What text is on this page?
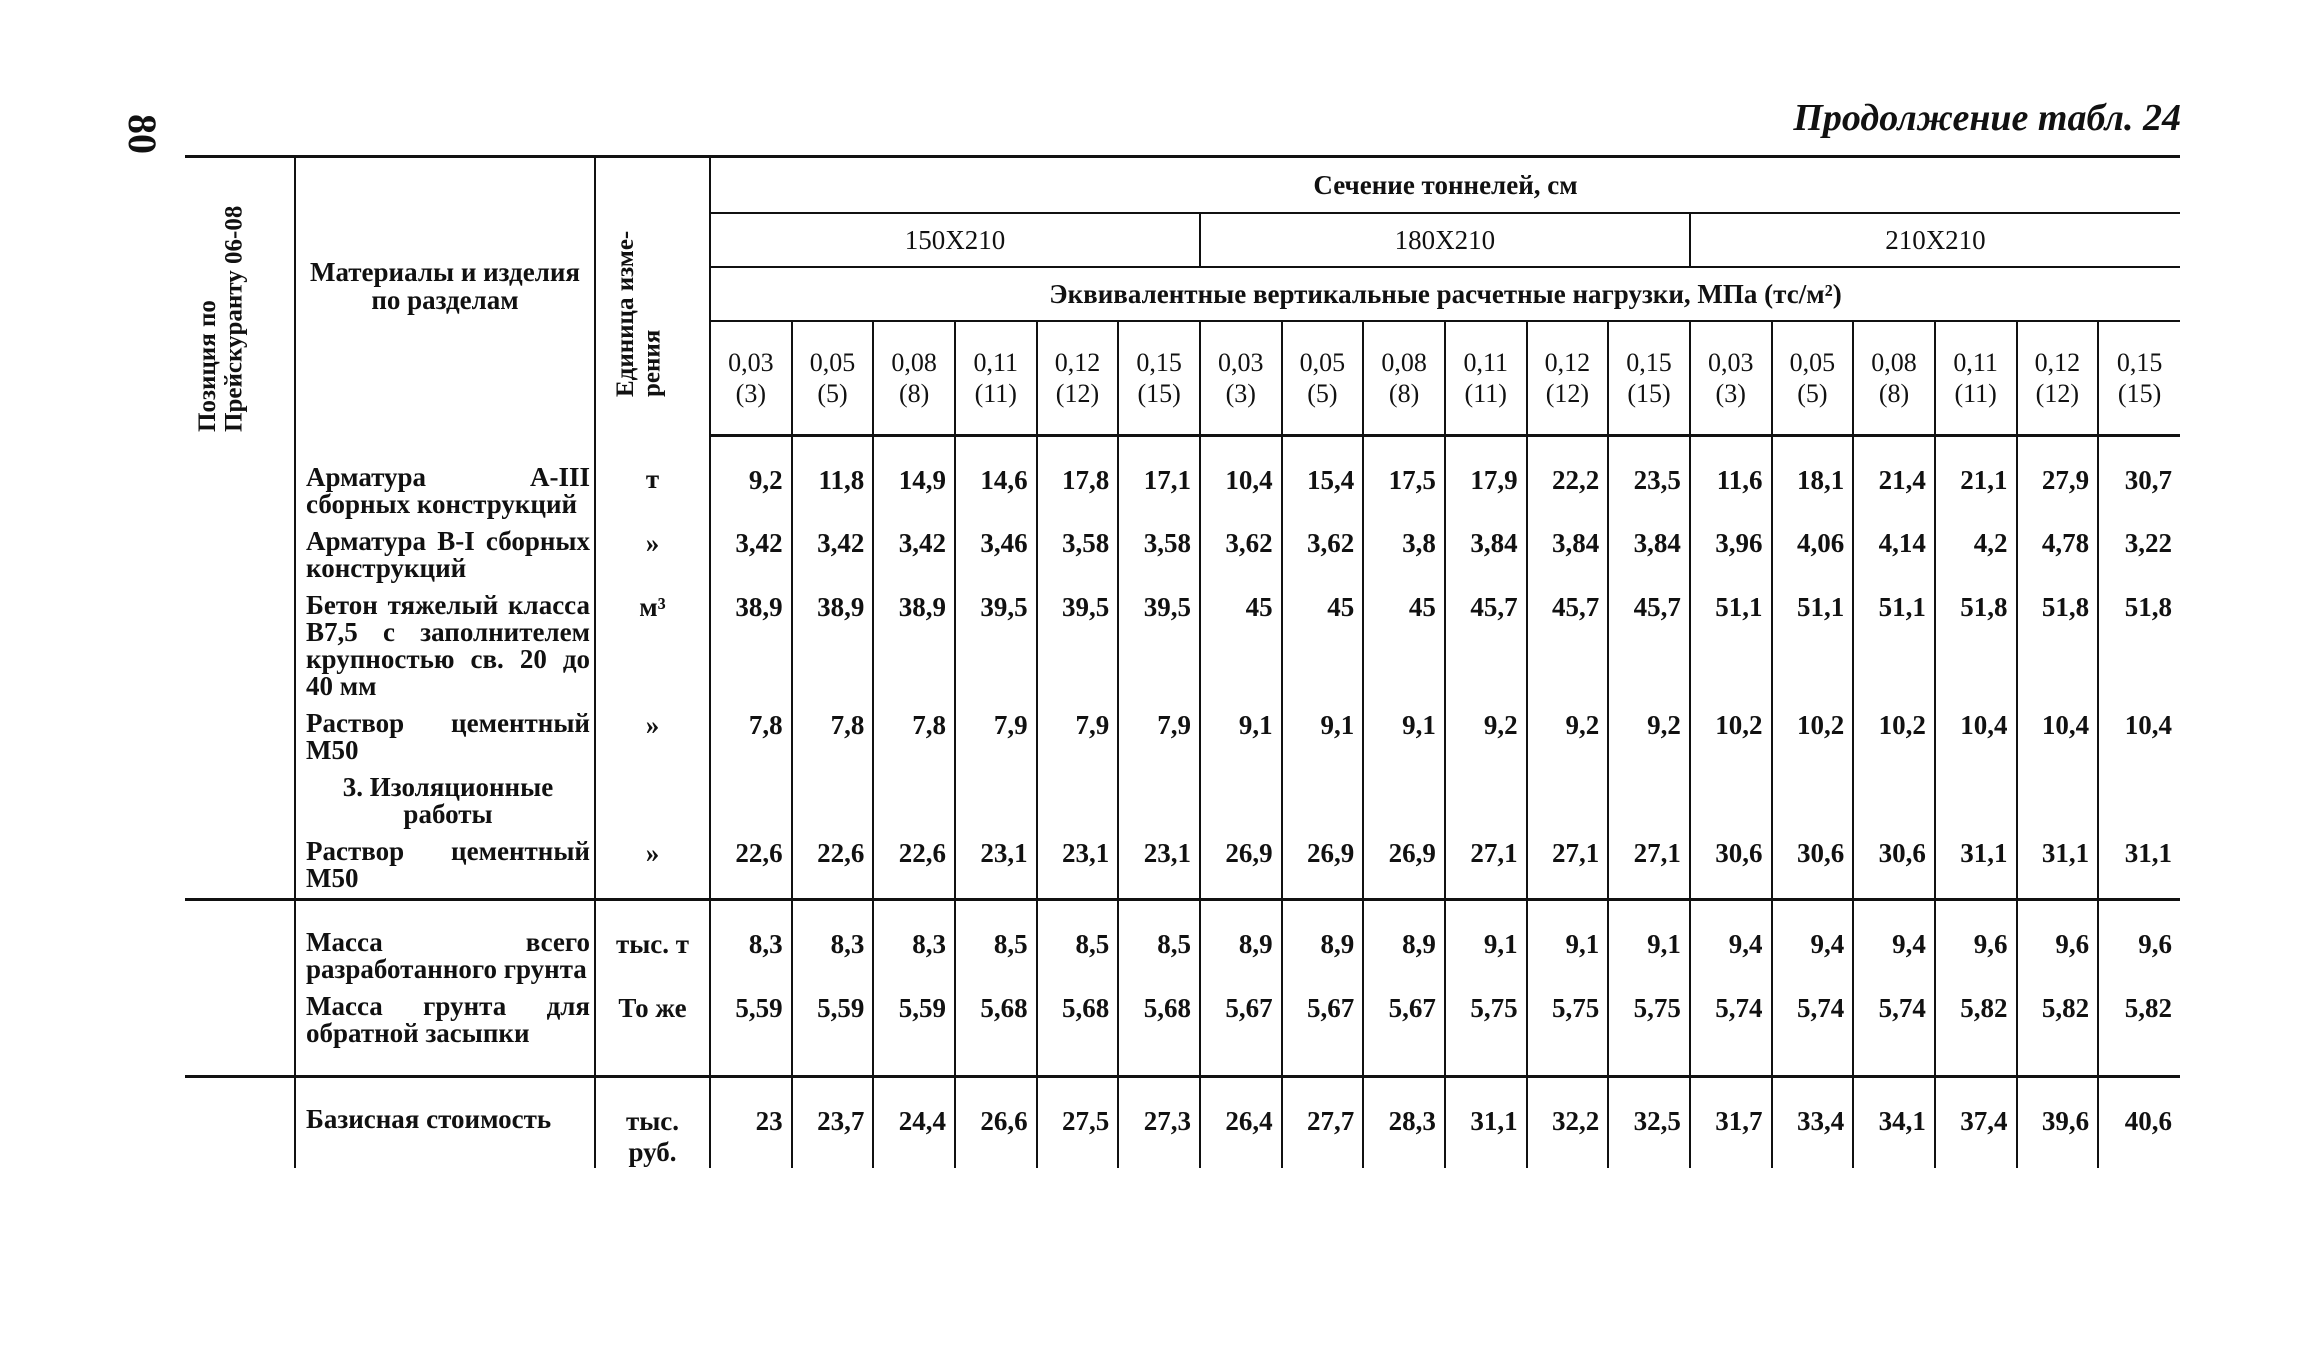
80	Продолжение табл. 24
Позиция по Прейскуранту 06-08	Материалы и изделия по разделам	Единица изме-рения	Сечение тоннелей, см																	
			150Х210						180Х210						210Х210					
			Эквивалентные вертикальные расчетные нагрузки, МПа (тс/м²)																	
			0,03 (3)	0,05 (5)	0,08 (8)	0,11 (11)	0,12 (12)	0,15 (15)	0,03 (3)	0,05 (5)	0,08 (8)	0,11 (11)	0,12 (12)	0,15 (15)	0,03 (3)	0,05 (5)	0,08 (8)	0,11 (11)	0,12 (12)	0,15 (15)
	Арматура А-III сборных конструкций	т	9,2	11,8	14,9	14,6	17,8	17,1	10,4	15,4	17,5	17,9	22,2	23,5	11,6	18,1	21,4	21,1	27,9	30,7
	Арматура В-I сборных конструкций	»	3,42	3,42	3,42	3,46	3,58	3,58	3,62	3,62	3,8	3,84	3,84	3,84	3,96	4,06	4,14	4,2	4,78	3,22
	Бетон тяжелый класса В7,5 с заполнителем крупностью св. 20 до 40 мм	м³	38,9	38,9	38,9	39,5	39,5	39,5	45	45	45	45,7	45,7	45,7	51,1	51,1	51,1	51,8	51,8	51,8
	Раствор цементный М50	»	7,8	7,8	7,8	7,9	7,9	7,9	9,1	9,1	9,1	9,2	9,2	9,2	10,2	10,2	10,2	10,4	10,4	10,4
	3. Изоляционные работы																			
	Раствор цементный М50	»	22,6	22,6	22,6	23,1	23,1	23,1	26,9	26,9	26,9	27,1	27,1	27,1	30,6	30,6	30,6	31,1	31,1	31,1
	Масса всего разработанного грунта	тыс. т	8,3	8,3	8,3	8,5	8,5	8,5	8,9	8,9	8,9	9,1	9,1	9,1	9,4	9,4	9,4	9,6	9,6	9,6
	Масса грунта для обратной засыпки	То же	5,59	5,59	5,59	5,68	5,68	5,68	5,67	5,67	5,67	5,75	5,75	5,75	5,74	5,74	5,74	5,82	5,82	5,82
	Базисная стоимость	тыс. руб.	23	23,7	24,4	26,6	27,5	27,3	26,4	27,7	28,3	31,1	32,2	32,5	31,7	33,4	34,1	37,4	39,6	40,6
